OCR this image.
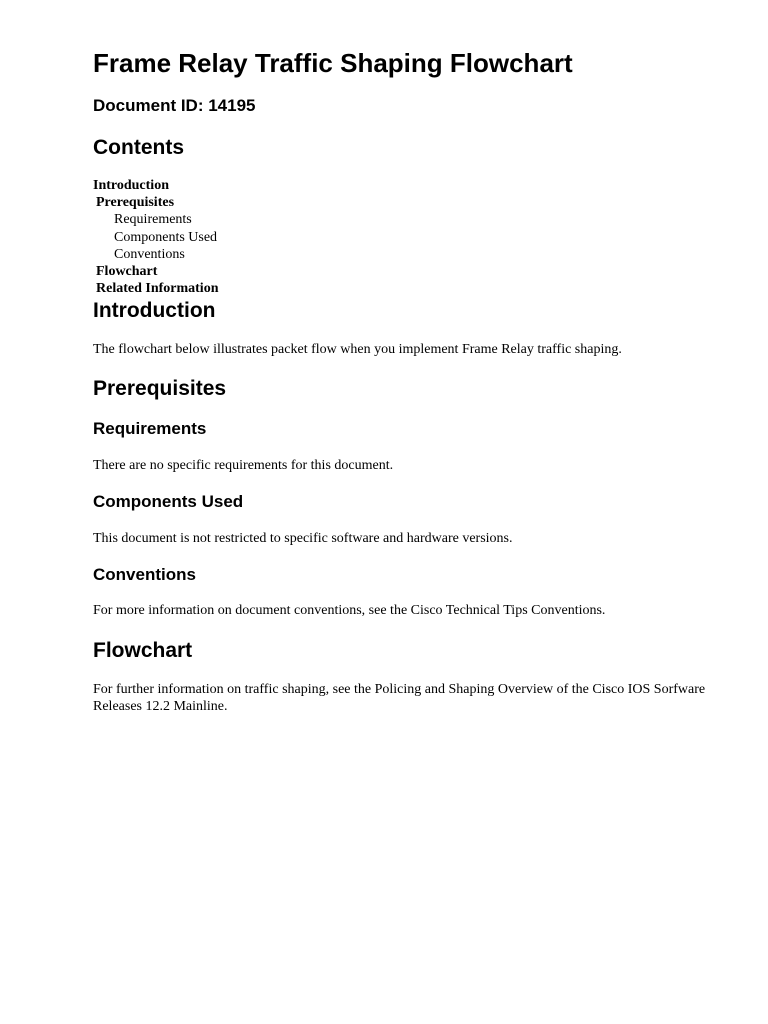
Frame Relay Traffic Shaping Flowchart
Document ID: 14195
Contents
Introduction
Prerequisites
Requirements
Components Used
Conventions
Flowchart
Related Information
Introduction

The flowchart below illustrates packet flow when you implement Frame Relay traffic shaping.

Prerequisites
Requirements

There are no specific requirements for this document.

Components Used

This document is not restricted to specific software and hardware versions.

Conventions

For more information on document conventions, see the Cisco Technical Tips Conventions.

Flowchart

For further information on traffic shaping, see the Policing and Shaping Overview of the Cisco IOS Sorfware Releases 12.2 Mainline.
